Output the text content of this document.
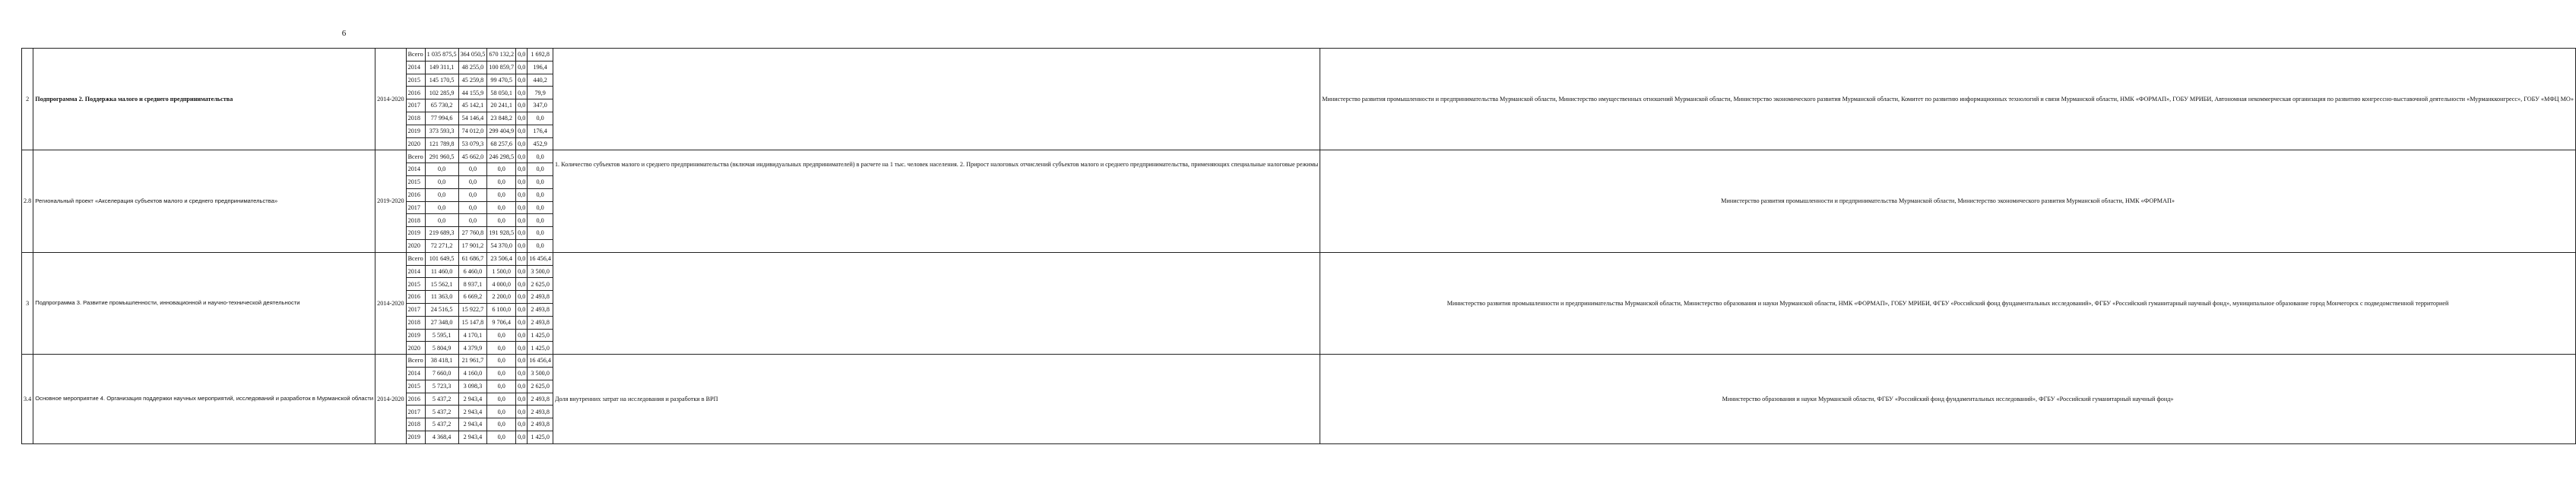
6
2	Подпрограмма 2. Поддержка малого и среднего предпринимательства	2014-2020	Всего	1 035 875,5	364 050,5	670 132,2	0,0	1 692,8		Министерство развития промышленности и предпринимательства Мурманской области, Министерство имущественных отношений Мурманской области, Министерство экономического развития Мурманской области, Комитет по развитию информационных технологий и связи Мурманской области, НМК «ФОРМАП», ГОБУ МРИБИ, Автономная некоммерческая организация по развитию конгрессно-выставочной деятельности «Мурманкконгресс», ГОБУ «МФЦ МО»
			2014	149 311,1	48 255,0	100 859,7	0,0	196,4		
			2015	145 170,5	45 259,8	99 470,5	0,0	440,2		
			2016	102 285,9	44 155,9	58 050,1	0,0	79,9		
			2017	65 730,2	45 142,1	20 241,1	0,0	347,0		
			2018	77 994,6	54 146,4	23 848,2	0,0	0,0		
			2019	373 593,3	74 012,0	299 404,9	0,0	176,4		
			2020	121 789,8	53 079,3	68 257,6	0,0	452,9		
2.8	Региональный проект «Акселерация субъектов малого и среднего предпринимательства»	2019-2020	Всего	291 960,5	45 662,0	246 298,5	0,0	0,0	1. Количество субъектов малого и среднего предпринимательства (включая индивидуальных предпринимателей) в расчете на 1 тыс. человек населения. 2. Прирост налоговых отчислений субъектов малого и среднего предпринимательства, применяющих специальные налоговые режимы	Министерство развития промышленности и предпринимательства Мурманской области, Министерство экономического развития Мурманской области, НМК «ФОРМАП»
			2014	0,0	0,0	0,0	0,0	0,0		
			2015	0,0	0,0	0,0	0,0	0,0		
			2016	0,0	0,0	0,0	0,0	0,0		
			2017	0,0	0,0	0,0	0,0	0,0		
			2018	0,0	0,0	0,0	0,0	0,0		
			2019	219 689,3	27 760,8	191 928,5	0,0	0,0		
			2020	72 271,2	17 901,2	54 370,0	0,0	0,0		
3	Подпрограмма 3. Развитие промышленности, инновационной и научно-технической деятельности	2014-2020	Всего	101 649,5	61 686,7	23 506,4	0,0	16 456,4		Министерство развития промышленности и предпринимательства Мурманской области, Министерство образования и науки Мурманской области, НМК «ФОРМАП», ГОБУ МРИБИ, ФГБУ «Российский фонд фундаментальных исследований», ФГБУ «Российский гуманитарный научный фонд», муниципальное образование город Мончегорск с подведомственной территорией
			2014	11 460,0	6 460,0	1 500,0	0,0	3 500,0		
			2015	15 562,1	8 937,1	4 000,0	0,0	2 625,0		
			2016	11 363,0	6 669,2	2 200,0	0,0	2 493,8		
			2017	24 516,5	15 922,7	6 100,0	0,0	2 493,8		
			2018	27 348,0	15 147,8	9 706,4	0,0	2 493,8		
			2019	5 595,1	4 170,1	0,0	0,0	1 425,0		
			2020	5 804,9	4 379,9	0,0	0,0	1 425,0		
3.4	Основное мероприятие 4. Организация поддержки научных мероприятий, исследований и разработок в Мурманской области	2014-2020	Всего	38 418,1	21 961,7	0,0	0,0	16 456,4	Доля внутренних затрат на исследования и разработки в ВРП	Министерство образования и науки Мурманской области, ФГБУ «Российский фонд фундаментальных исследований», ФГБУ «Российский гуманитарный научный фонд»
			2014	7 660,0	4 160,0	0,0	0,0	3 500,0		
			2015	5 723,3	3 098,3	0,0	0,0	2 625,0		
			2016	5 437,2	2 943,4	0,0	0,0	2 493,8		
			2017	5 437,2	2 943,4	0,0	0,0	2 493,8		
			2018	5 437,2	2 943,4	0,0	0,0	2 493,8		
			2019	4 368,4	2 943,4	0,0	0,0	1 425,0		
